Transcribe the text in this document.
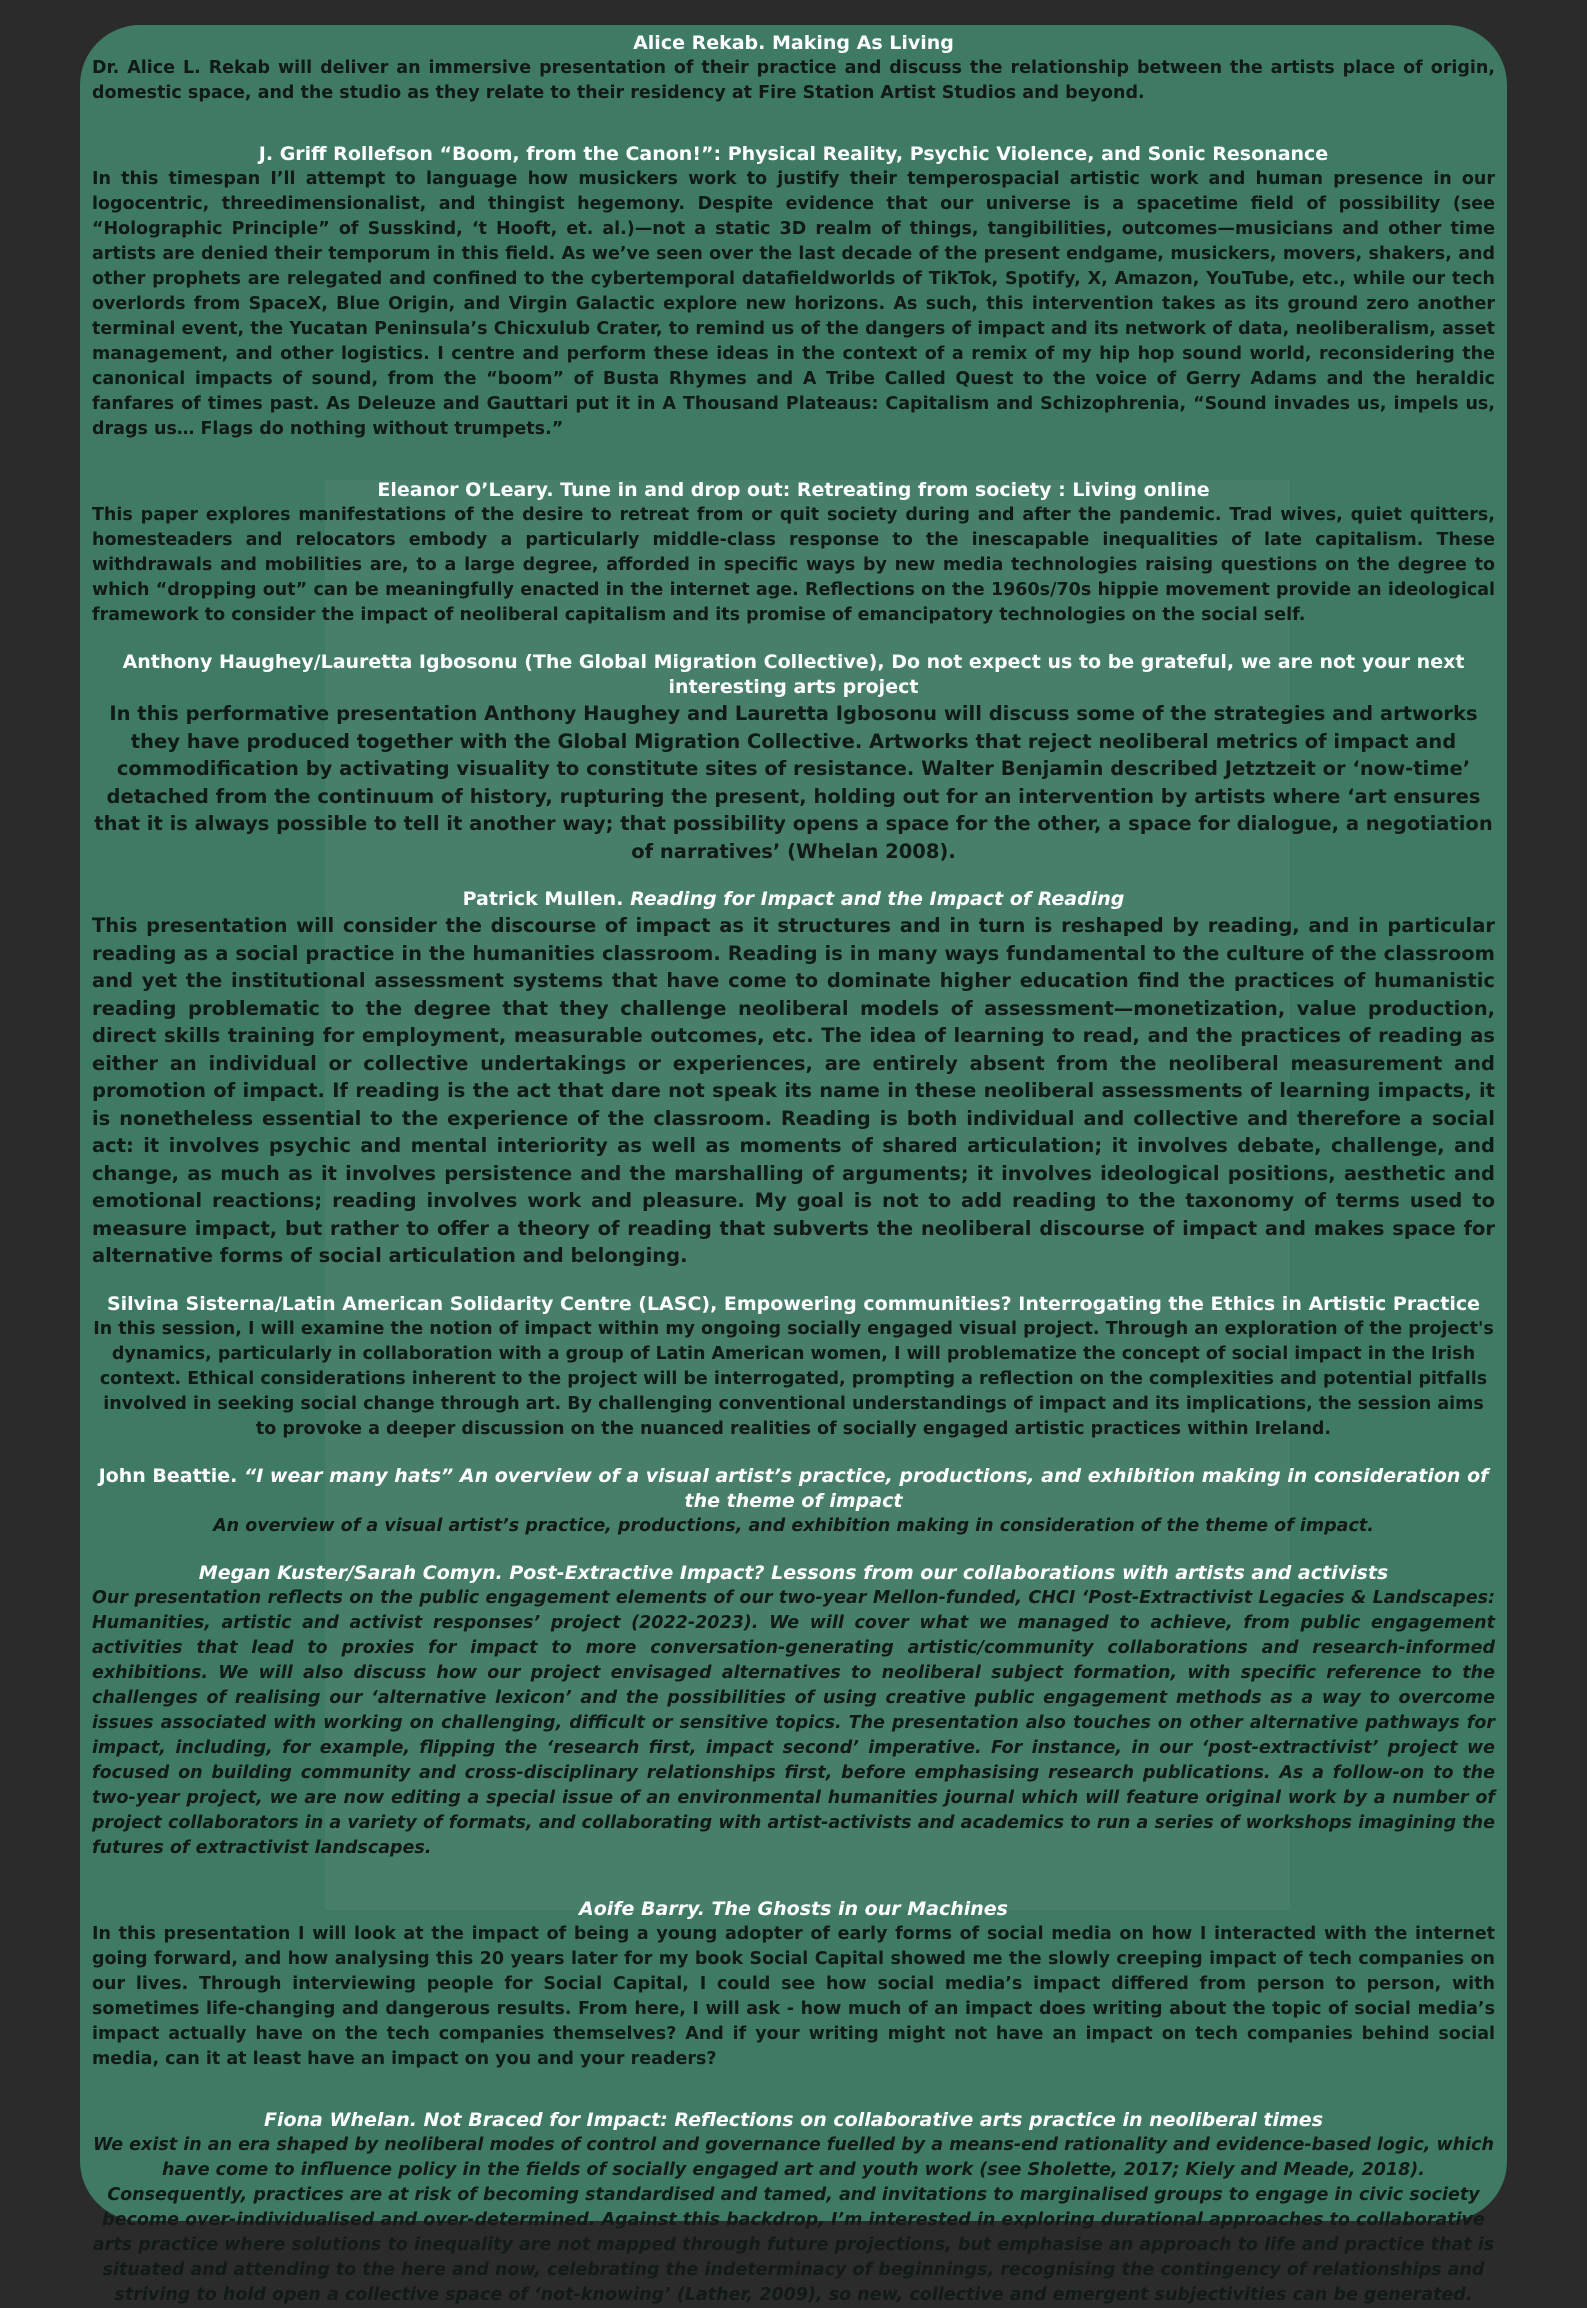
Alice Rekab. Making As Living

Dr. Alice L. Rekab will deliver an immersive presentation of their practice and discuss the relationship between the artists place of origin, domestic space, and the studio as they relate to their residency at Fire Station Artist Studios and beyond.

J. Griff Rollefson “Boom, from the Canon!”: Physical Reality, Psychic Violence, and Sonic Resonance

In this timespan I’ll attempt to language how musickers work to justify their temperospacial artistic work and human presence in our logocentric, threedimensionalist, and thingist hegemony. Despite evidence that our universe is a spacetime field of possibility (see “Holographic Principle” of Susskind, ‘t Hooft, et. al.)—not a static 3D realm of things, tangibilities, outcomes—musicians and other time artists are denied their temporum in this field. As we’ve seen over the last decade of the present endgame, musickers, movers, shakers, and other prophets are relegated and confined to the cybertemporal datafieldworlds of TikTok, Spotify, X, Amazon, YouTube, etc., while our tech overlords from SpaceX, Blue Origin, and Virgin Galactic explore new horizons. As such, this intervention takes as its ground zero another terminal event, the Yucatan Peninsula’s Chicxulub Crater, to remind us of the dangers of impact and its network of data, neoliberalism, asset management, and other logistics. I centre and perform these ideas in the context of a remix of my hip hop sound world, reconsidering the canonical impacts of sound, from the “boom” of Busta Rhymes and A Tribe Called Quest to the voice of Gerry Adams and the heraldic fanfares of times past. As Deleuze and Gauttari put it in A Thousand Plateaus: Capitalism and Schizophrenia, “Sound invades us, impels us, drags us… Flags do nothing without trumpets.”

Eleanor O’Leary. Tune in and drop out: Retreating from society : Living online

This paper explores manifestations of the desire to retreat from or quit society during and after the pandemic. Trad wives, quiet quitters, homesteaders and relocators embody a particularly middle-class response to the inescapable inequalities of late capitalism. These withdrawals and mobilities are, to a large degree, afforded in specific ways by new media technologies raising questions on the degree to which “dropping out” can be meaningfully enacted in the internet age. Reflections on the 1960s/70s hippie movement provide an ideological framework to consider the impact of neoliberal capitalism and its promise of emancipatory technologies on the social self.

Anthony Haughey/Lauretta Igbosonu (The Global Migration Collective), Do not expect us to be grateful, we are not your next interesting arts project

In this performative presentation Anthony Haughey and Lauretta Igbosonu will discuss some of the strategies and artworks they have produced together with the Global Migration Collective. Artworks that reject neoliberal metrics of impact and commodification by activating visuality to constitute sites of resistance. Walter Benjamin described Jetztzeit or ‘now-time’ detached from the continuum of history, rupturing the present, holding out for an intervention by artists where ‘art ensures that it is always possible to tell it another way; that possibility opens a space for the other, a space for dialogue, a negotiation of narratives’ (Whelan 2008).

Patrick Mullen. Reading for Impact and the Impact of Reading

This presentation will consider the discourse of impact as it structures and in turn is reshaped by reading, and in particular reading as a social practice in the humanities classroom. Reading is in many ways fundamental to the culture of the classroom and yet the institutional assessment systems that have come to dominate higher education find the practices of humanistic reading problematic to the degree that they challenge neoliberal models of assessment—monetization, value production, direct skills training for employment, measurable outcomes, etc. The idea of learning to read, and the practices of reading as either an individual or collective undertakings or experiences, are entirely absent from the neoliberal measurement and promotion of impact. If reading is the act that dare not speak its name in these neoliberal assessments of learning impacts, it is nonetheless essential to the experience of the classroom. Reading is both individual and collective and therefore a social act: it involves psychic and mental interiority as well as moments of shared articulation; it involves debate, challenge, and change, as much as it involves persistence and the marshalling of arguments; it involves ideological positions, aesthetic and emotional reactions; reading involves work and pleasure. My goal is not to add reading to the taxonomy of terms used to measure impact, but rather to offer a theory of reading that subverts the neoliberal discourse of impact and makes space for alternative forms of social articulation and belonging.

Silvina Sisterna/Latin American Solidarity Centre (LASC), Empowering communities? Interrogating the Ethics in Artistic Practice

In this session, I will examine the notion of impact within my ongoing socially engaged visual project. Through an exploration of the project's dynamics, particularly in collaboration with a group of Latin American women, I will problematize the concept of social impact in the Irish context. Ethical considerations inherent to the project will be interrogated, prompting a reflection on the complexities and potential pitfalls involved in seeking social change through art. By challenging conventional understandings of impact and its implications, the session aims to provoke a deeper discussion on the nuanced realities of socially engaged artistic practices within Ireland.

John Beattie. “I wear many hats” An overview of a visual artist’s practice, productions, and exhibition making in consideration of the theme of impact

An overview of a visual artist’s practice, productions, and exhibition making in consideration of the theme of impact.

Megan Kuster/Sarah Comyn. Post-Extractive Impact? Lessons from our collaborations with artists and activists

Our presentation reflects on the public engagement elements of our two-year Mellon-funded, CHCI ‘Post-Extractivist Legacies & Landscapes: Humanities, artistic and activist responses’ project (2022-2023). We will cover what we managed to achieve, from public engagement activities that lead to proxies for impact to more conversation-generating artistic/community collaborations and research-informed exhibitions. We will also discuss how our project envisaged alternatives to neoliberal subject formation, with specific reference to the challenges of realising our ‘alternative lexicon’ and the possibilities of using creative public engagement methods as a way to overcome issues associated with working on challenging, difficult or sensitive topics. The presentation also touches on other alternative pathways for impact, including, for example, flipping the ‘research first, impact second’ imperative. For instance, in our ‘post-extractivist’ project we focused on building community and cross-disciplinary relationships first, before emphasising research publications. As a follow-on to the two-year project, we are now editing a special issue of an environmental humanities journal which will feature original work by a number of project collaborators in a variety of formats, and collaborating with artist-activists and academics to run a series of workshops imagining the futures of extractivist landscapes.

Aoife Barry. The Ghosts in our Machines

In this presentation I will look at the impact of being a young adopter of early forms of social media on how I interacted with the internet going forward, and how analysing this 20 years later for my book Social Capital showed me the slowly creeping impact of tech companies on our lives. Through interviewing people for Social Capital, I could see how social media’s impact differed from person to person, with sometimes life-changing and dangerous results. From here, I will ask - how much of an impact does writing about the topic of social media’s impact actually have on the tech companies themselves? And if your writing might not have an impact on tech companies behind social media, can it at least have an impact on you and your readers?

Fiona Whelan. Not Braced for Impact: Reflections on collaborative arts practice in neoliberal times

We exist in an era shaped by neoliberal modes of control and governance fuelled by a means-end rationality and evidence-based logic, which have come to influence policy in the fields of socially engaged art and youth work (see Sholette, 2017; Kiely and Meade, 2018). Consequently, practices are at risk of becoming standardised and tamed, and invitations to marginalised groups to engage in civic society become over-individualised and over-determined. Against this backdrop, I’m interested in exploring durational approaches to collaborative arts practice where solutions to inequality are not mapped through future projections, but emphasise an approach to life and practice that is situated and attending to the here and now, celebrating the indeterminacy of beginnings, recognising the contingency of relationships and striving to hold open a collective space of ‘not-knowing’ (Lather, 2009), so new, collective and emergent subjectivities can be generated.
